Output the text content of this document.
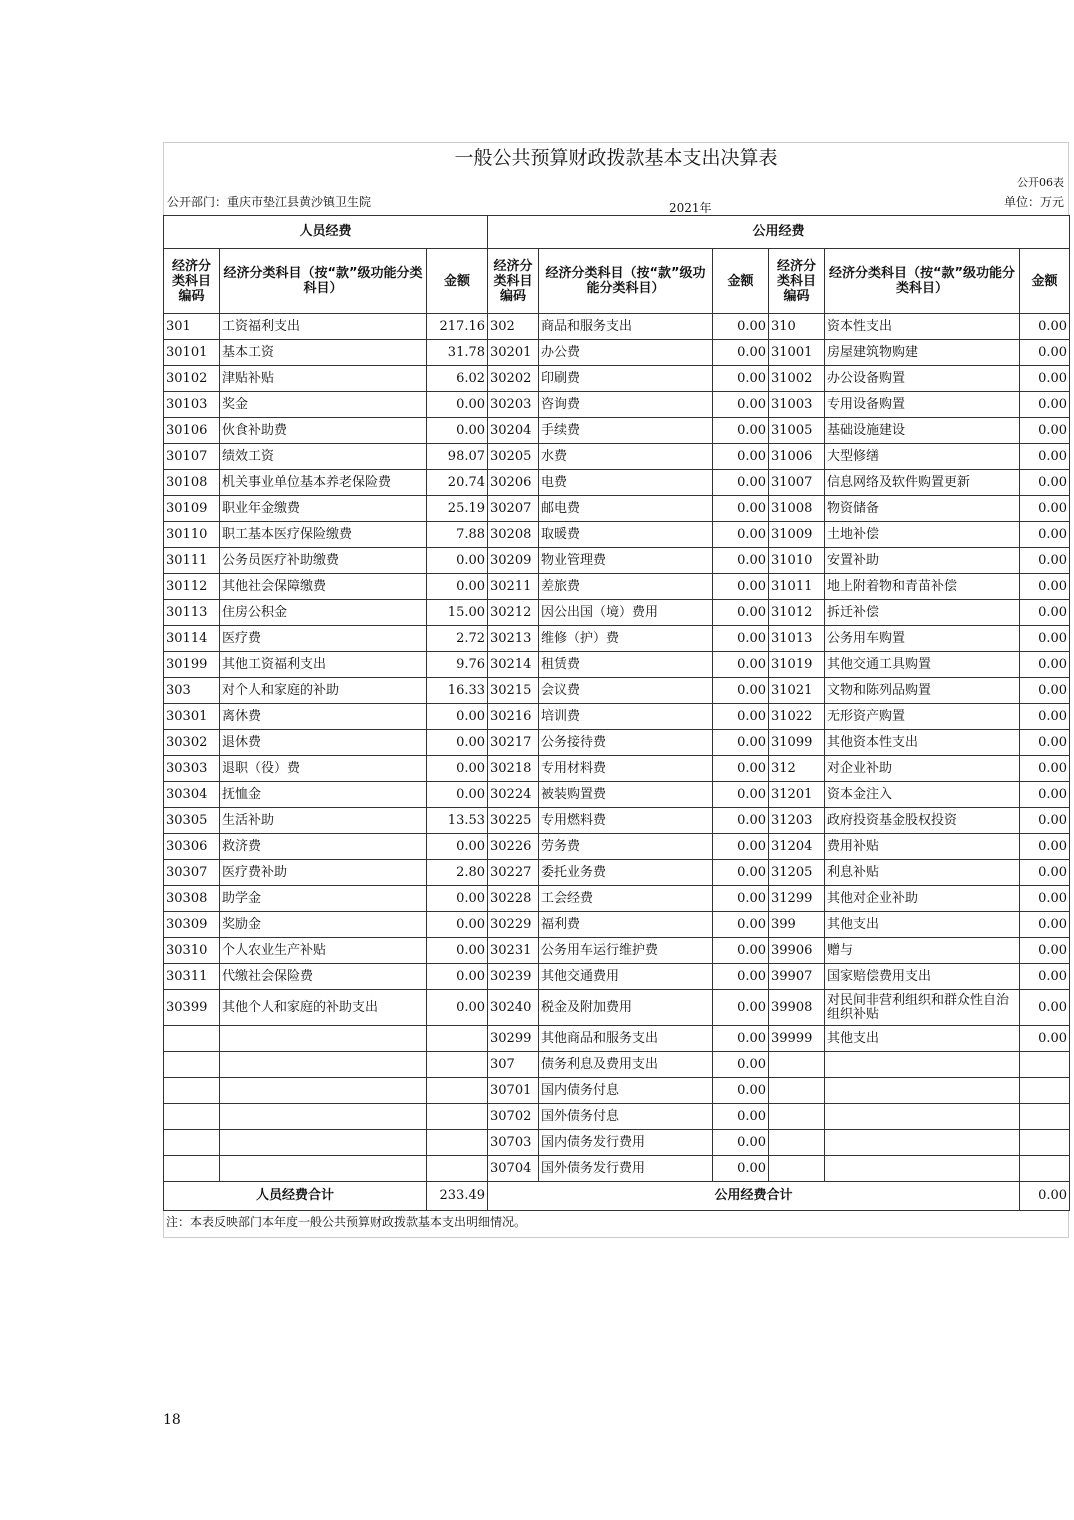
一般公共预算财政拨款基本支出决算表
公开06表
公开部门：重庆市垫江县黄沙镇卫生院	2021年	单位：万元
人员经费			公用经费					
经济分类科目编码	经济分类科目（按“款”级功能分类科目）	金额	经济分类科目编码	经济分类科目（按“款”级功能分类科目）	金额	经济分类科目编码	经济分类科目（按“款”级功能分类科目）	金额
301	工资福利支出	217.16	302	商品和服务支出	0.00	310	资本性支出	0.00
30101	基本工资	31.78	30201	办公费	0.00	31001	房屋建筑物购建	0.00
30102	津贴补贴	6.02	30202	印刷费	0.00	31002	办公设备购置	0.00
30103	奖金	0.00	30203	咨询费	0.00	31003	专用设备购置	0.00
30106	伙食补助费	0.00	30204	手续费	0.00	31005	基础设施建设	0.00
30107	绩效工资	98.07	30205	水费	0.00	31006	大型修缮	0.00
30108	机关事业单位基本养老保险费	20.74	30206	电费	0.00	31007	信息网络及软件购置更新	0.00
30109	职业年金缴费	25.19	30207	邮电费	0.00	31008	物资储备	0.00
30110	职工基本医疗保险缴费	7.88	30208	取暖费	0.00	31009	土地补偿	0.00
30111	公务员医疗补助缴费	0.00	30209	物业管理费	0.00	31010	安置补助	0.00
30112	其他社会保障缴费	0.00	30211	差旅费	0.00	31011	地上附着物和青苗补偿	0.00
30113	住房公积金	15.00	30212	因公出国（境）费用	0.00	31012	拆迁补偿	0.00
30114	医疗费	2.72	30213	维修（护）费	0.00	31013	公务用车购置	0.00
30199	其他工资福利支出	9.76	30214	租赁费	0.00	31019	其他交通工具购置	0.00
303	对个人和家庭的补助	16.33	30215	会议费	0.00	31021	文物和陈列品购置	0.00
30301	离休费	0.00	30216	培训费	0.00	31022	无形资产购置	0.00
30302	退休费	0.00	30217	公务接待费	0.00	31099	其他资本性支出	0.00
30303	退职（役）费	0.00	30218	专用材料费	0.00	312	对企业补助	0.00
30304	抚恤金	0.00	30224	被装购置费	0.00	31201	资本金注入	0.00
30305	生活补助	13.53	30225	专用燃料费	0.00	31203	政府投资基金股权投资	0.00
30306	救济费	0.00	30226	劳务费	0.00	31204	费用补贴	0.00
30307	医疗费补助	2.80	30227	委托业务费	0.00	31205	利息补贴	0.00
30308	助学金	0.00	30228	工会经费	0.00	31299	其他对企业补助	0.00
30309	奖励金	0.00	30229	福利费	0.00	399	其他支出	0.00
30310	个人农业生产补贴	0.00	30231	公务用车运行维护费	0.00	39906	赠与	0.00
30311	代缴社会保险费	0.00	30239	其他交通费用	0.00	39907	国家赔偿费用支出	0.00
30399	其他个人和家庭的补助支出	0.00	30240	税金及附加费用	0.00	39908	对民间非营利组织和群众性自治组织补贴	0.00
			30299	其他商品和服务支出	0.00	39999	其他支出	0.00
			307	债务利息及费用支出	0.00			
			30701	国内债务付息	0.00			
			30702	国外债务付息	0.00			
			30703	国内债务发行费用	0.00			
			30704	国外债务发行费用	0.00			
人员经费合计		233.49	公用经费合计					0.00
注：本表反映部门本年度一般公共预算财政拨款基本支出明细情况。
18
